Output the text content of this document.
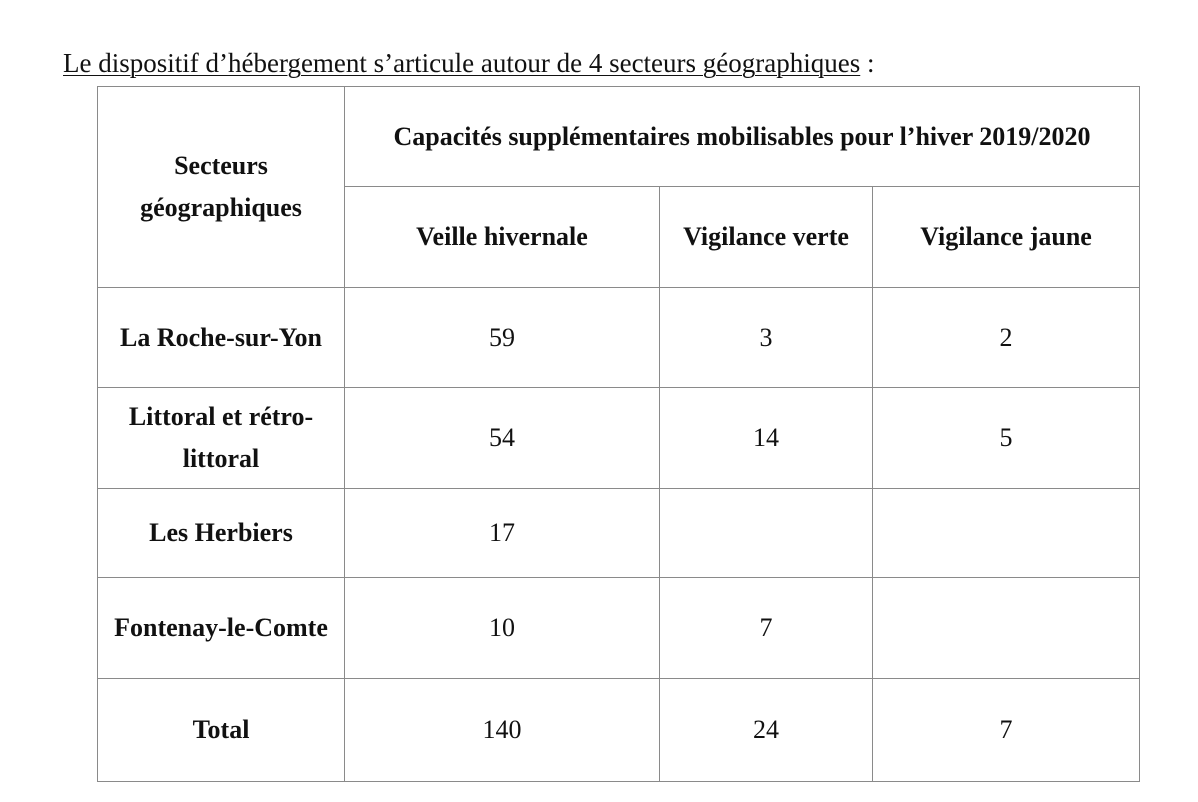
Le dispositif d’hébergement s’articule autour de 4 secteurs géographiques :

Secteurs géographiques	Capacités supplémentaires mobilisables pour l’hiver 2019/2020		
	Veille hivernale	Vigilance verte	Vigilance jaune
La Roche-sur-Yon	59	3	2
Littoral et rétro-littoral	54	14	5
Les Herbiers	17		
Fontenay-le-Comte	10	7	
Total	140	24	7
